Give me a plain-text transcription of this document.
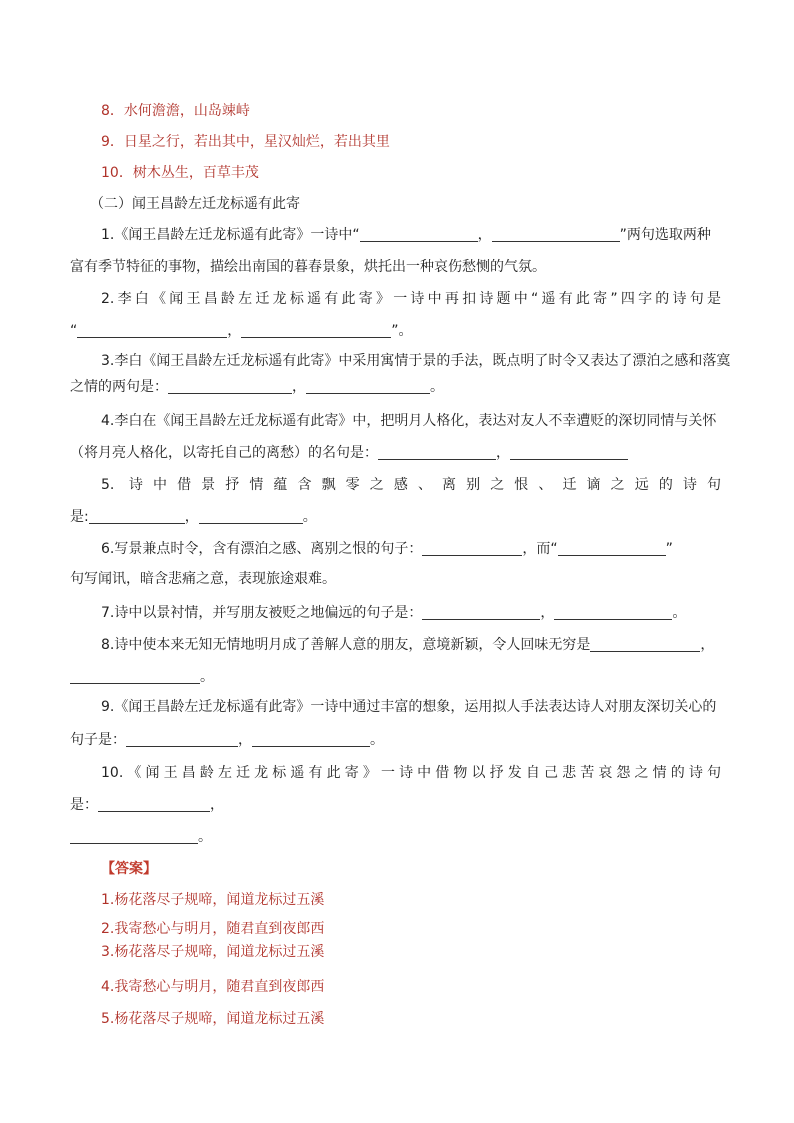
8．水何澹澹，山岛竦峙
9．日星之行，若出其中，星汉灿烂，若出其里
10．树木丛生，百草丰茂
（二）闻王昌龄左迁龙标遥有此寄
1.《闻王昌龄左迁龙标遥有此寄》一诗中“	，	”两句选取两种
富有季节特征的事物，描绘出南国的暮春景象，烘托出一种哀伤愁恻的气氛。
2.李白《闻王昌龄左迁龙标遥有此寄》一诗中再扣诗题中“遥有此寄”四字的诗句是
“	，	”。
3.李白《闻王昌龄左迁龙标遥有此寄》中采用寓情于景的手法，既点明了时令又表达了漂泊之感和落寞
之情的两句是：	，	。
4.李白在《闻王昌龄左迁龙标遥有此寄》中，把明月人格化，表达对友人不幸遭贬的深切同情与关怀
（将月亮人格化，以寄托自己的离愁）的名句是：	，
5. 诗中借景抒情蕴含飘零之感、离别之恨、迁谪之远的诗句
是:	，	。
6.写景兼点时令，含有漂泊之感、离别之恨的句子：	，而“	”
句写闻讯，暗含悲痛之意，表现旅途艰难。
7.诗中以景衬情，并写朋友被贬之地偏远的句子是：	，	。
8.诗中使本来无知无情地明月成了善解人意的朋友，意境新颖，令人回味无穷是	，
。
9.《闻王昌龄左迁龙标遥有此寄》一诗中通过丰富的想象，运用拟人手法表达诗人对朋友深切关心的
句子是：	，	。
10.《闻王昌龄左迁龙标遥有此寄》一诗中借物以抒发自己悲苦哀怨之情的诗句
是：	，
。
【答案】
1.杨花落尽子规啼，闻道龙标过五溪
2.我寄愁心与明月，随君直到夜郎西
3.杨花落尽子规啼，闻道龙标过五溪
4.我寄愁心与明月，随君直到夜郎西
5.杨花落尽子规啼，闻道龙标过五溪
